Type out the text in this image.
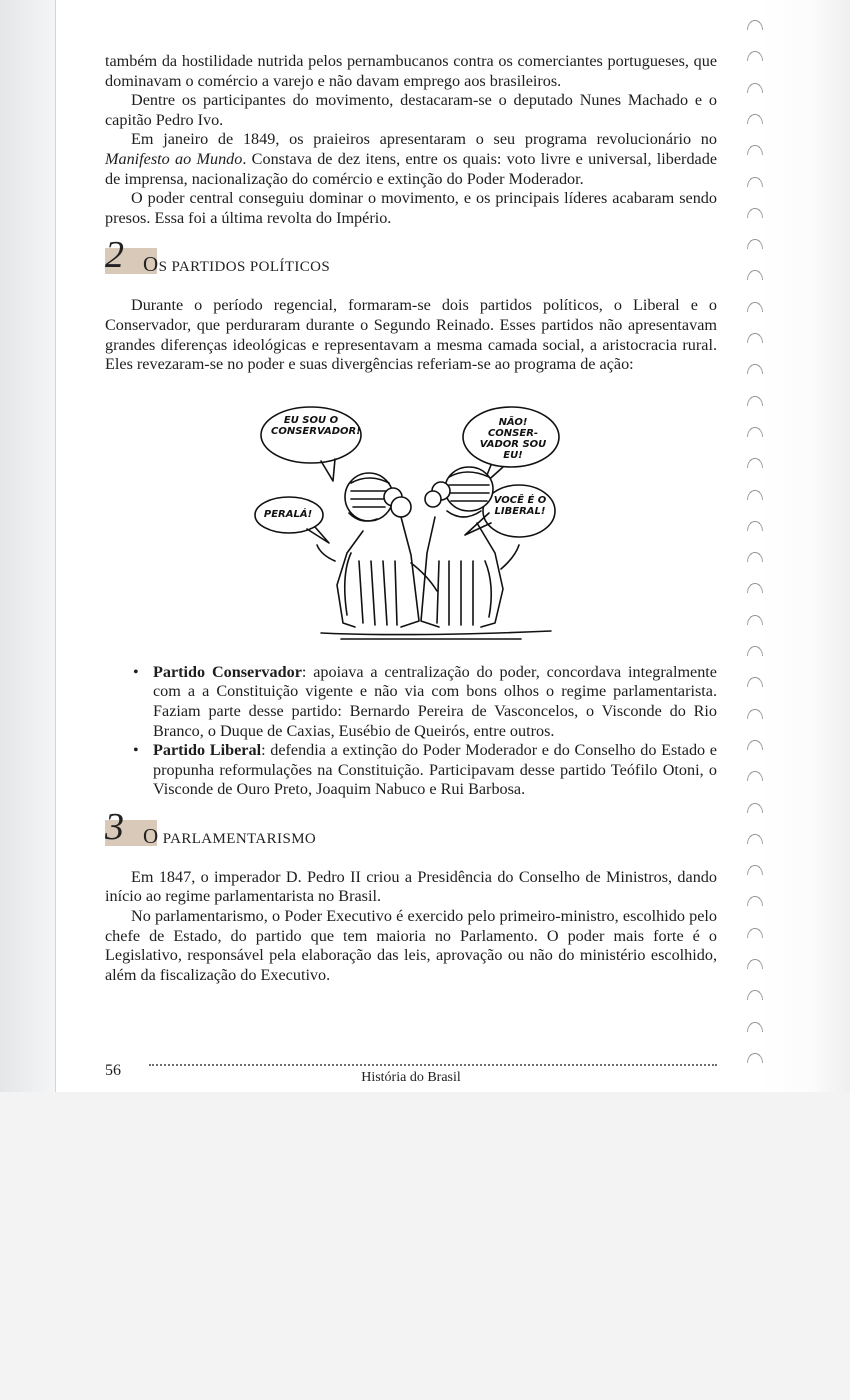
também da hostilidade nutrida pelos pernambucanos contra os comerciantes portugueses, que dominavam o comércio a varejo e não davam emprego aos brasileiros.

Dentre os participantes do movimento, destacaram-se o deputado Nunes Machado e o capitão Pedro Ivo.

Em janeiro de 1849, os praieiros apresentaram o seu programa revolucionário no Manifesto ao Mundo. Constava de dez itens, entre os quais: voto livre e universal, liberdade de imprensa, nacionalização do comércio e extinção do Poder Moderador.

O poder central conseguiu dominar o movimento, e os principais líderes acabaram sendo presos. Essa foi a última revolta do Império.

2 OS PARTIDOS POLÍTICOS

Durante o período regencial, formaram-se dois partidos políticos, o Liberal e o Conservador, que perduraram durante o Segundo Reinado. Esses partidos não apresentavam grandes diferenças ideológicas e representavam a mesma camada social, a aristocracia rural. Eles revezaram-se no poder e suas divergências referiam-se ao programa de ação:

EU SOU O CONSERVADOR!
PERALÁ!
NÃO! CONSER-VADOR SOU EU!
VOCÊ É O LIBERAL!
• Partido Conservador: apoiava a centralização do poder, concordava integralmente com a a Constituição vigente e não via com bons olhos o regime parlamentarista. Faziam parte desse partido: Bernardo Pereira de Vasconcelos, o Visconde do Rio Branco, o Duque de Caxias, Eusébio de Queirós, entre outros.
• Partido Liberal: defendia a extinção do Poder Moderador e do Conselho do Estado e propunha reformulações na Constituição. Participavam desse partido Teófilo Otoni, o Visconde de Ouro Preto, Joaquim Nabuco e Rui Barbosa.
3 O PARLAMENTARISMO

Em 1847, o imperador D. Pedro II criou a Presidência do Conselho de Ministros, dando início ao regime parlamentarista no Brasil.

No parlamentarismo, o Poder Executivo é exercido pelo primeiro-ministro, escolhido pelo chefe de Estado, do partido que tem maioria no Parlamento. O poder mais forte é o Legislativo, responsável pela elaboração das leis, aprovação ou não do ministério escolhido, além da fiscalização do Executivo.

56	História do Brasil
